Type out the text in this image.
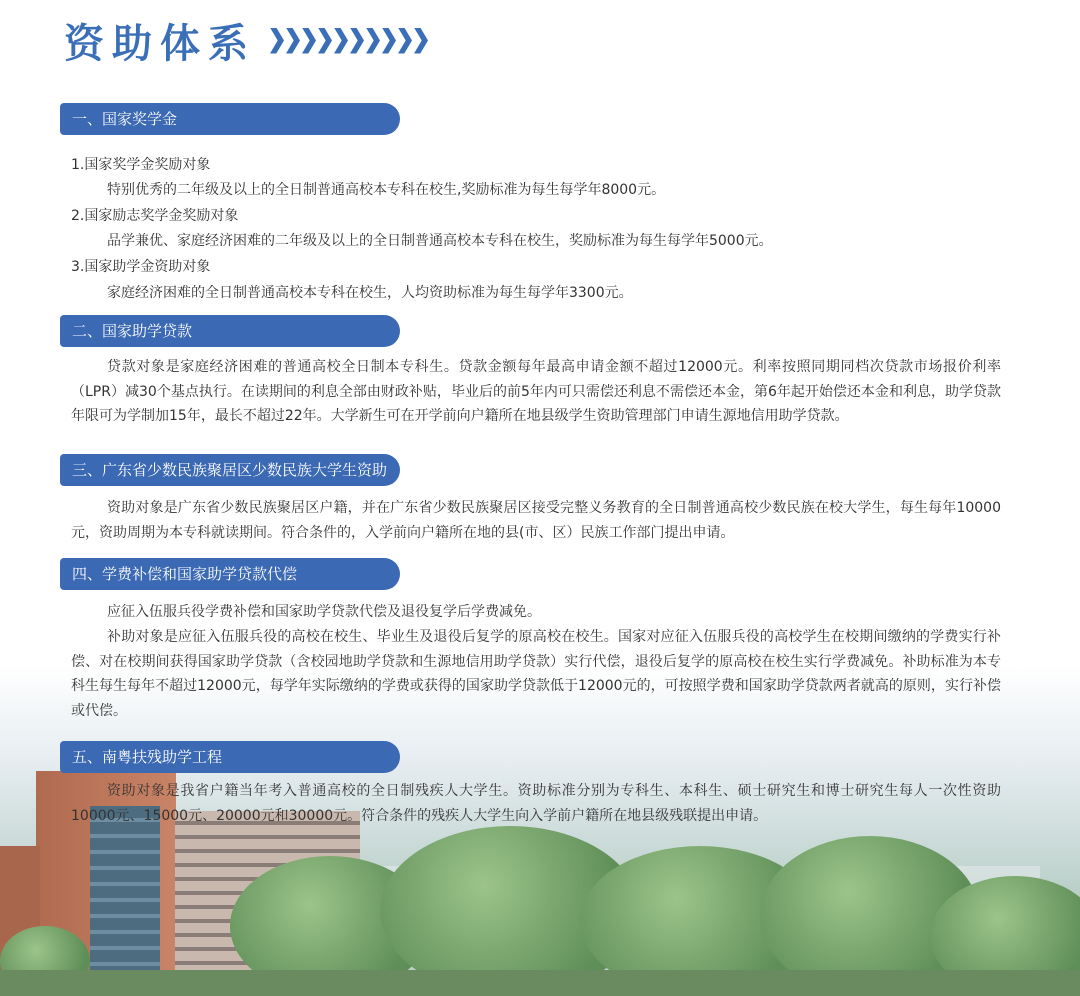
资助体系
一、国家奖学金
1.国家奖学金奖励对象
特别优秀的二年级及以上的全日制普通高校本专科在校生,奖励标准为每生每学年8000元。
2.国家励志奖学金奖励对象
品学兼优、家庭经济困难的二年级及以上的全日制普通高校本专科在校生，奖励标准为每生每学年5000元。
3.国家助学金资助对象
家庭经济困难的全日制普通高校本专科在校生，人均资助标准为每生每学年3300元。
二、国家助学贷款

贷款对象是家庭经济困难的普通高校全日制本专科生。贷款金额每年最高申请金额不超过12000元。利率按照同期同档次贷款市场报价利率（LPR）减30个基点执行。在读期间的利息全部由财政补贴，毕业后的前5年内可只需偿还利息不需偿还本金，第6年起开始偿还本金和利息，助学贷款年限可为学制加15年，最长不超过22年。大学新生可在开学前向户籍所在地县级学生资助管理部门申请生源地信用助学贷款。

三、广东省少数民族聚居区少数民族大学生资助

资助对象是广东省少数民族聚居区户籍，并在广东省少数民族聚居区接受完整义务教育的全日制普通高校少数民族在校大学生，每生每年10000元，资助周期为本专科就读期间。符合条件的，入学前向户籍所在地的县(市、区）民族工作部门提出申请。

四、学费补偿和国家助学贷款代偿

应征入伍服兵役学费补偿和国家助学贷款代偿及退役复学后学费减免。

补助对象是应征入伍服兵役的高校在校生、毕业生及退役后复学的原高校在校生。国家对应征入伍服兵役的高校学生在校期间缴纳的学费实行补偿、对在校期间获得国家助学贷款（含校园地助学贷款和生源地信用助学贷款）实行代偿，退役后复学的原高校在校生实行学费减免。补助标准为本专科生每生每年不超过12000元，每学年实际缴纳的学费或获得的国家助学贷款低于12000元的，可按照学费和国家助学贷款两者就高的原则，实行补偿或代偿。

五、南粤扶残助学工程

资助对象是我省户籍当年考入普通高校的全日制残疾人大学生。资助标准分别为专科生、本科生、硕士研究生和博士研究生每人一次性资助10000元、15000元、20000元和30000元。符合条件的残疾人大学生向入学前户籍所在地县级残联提出申请。
